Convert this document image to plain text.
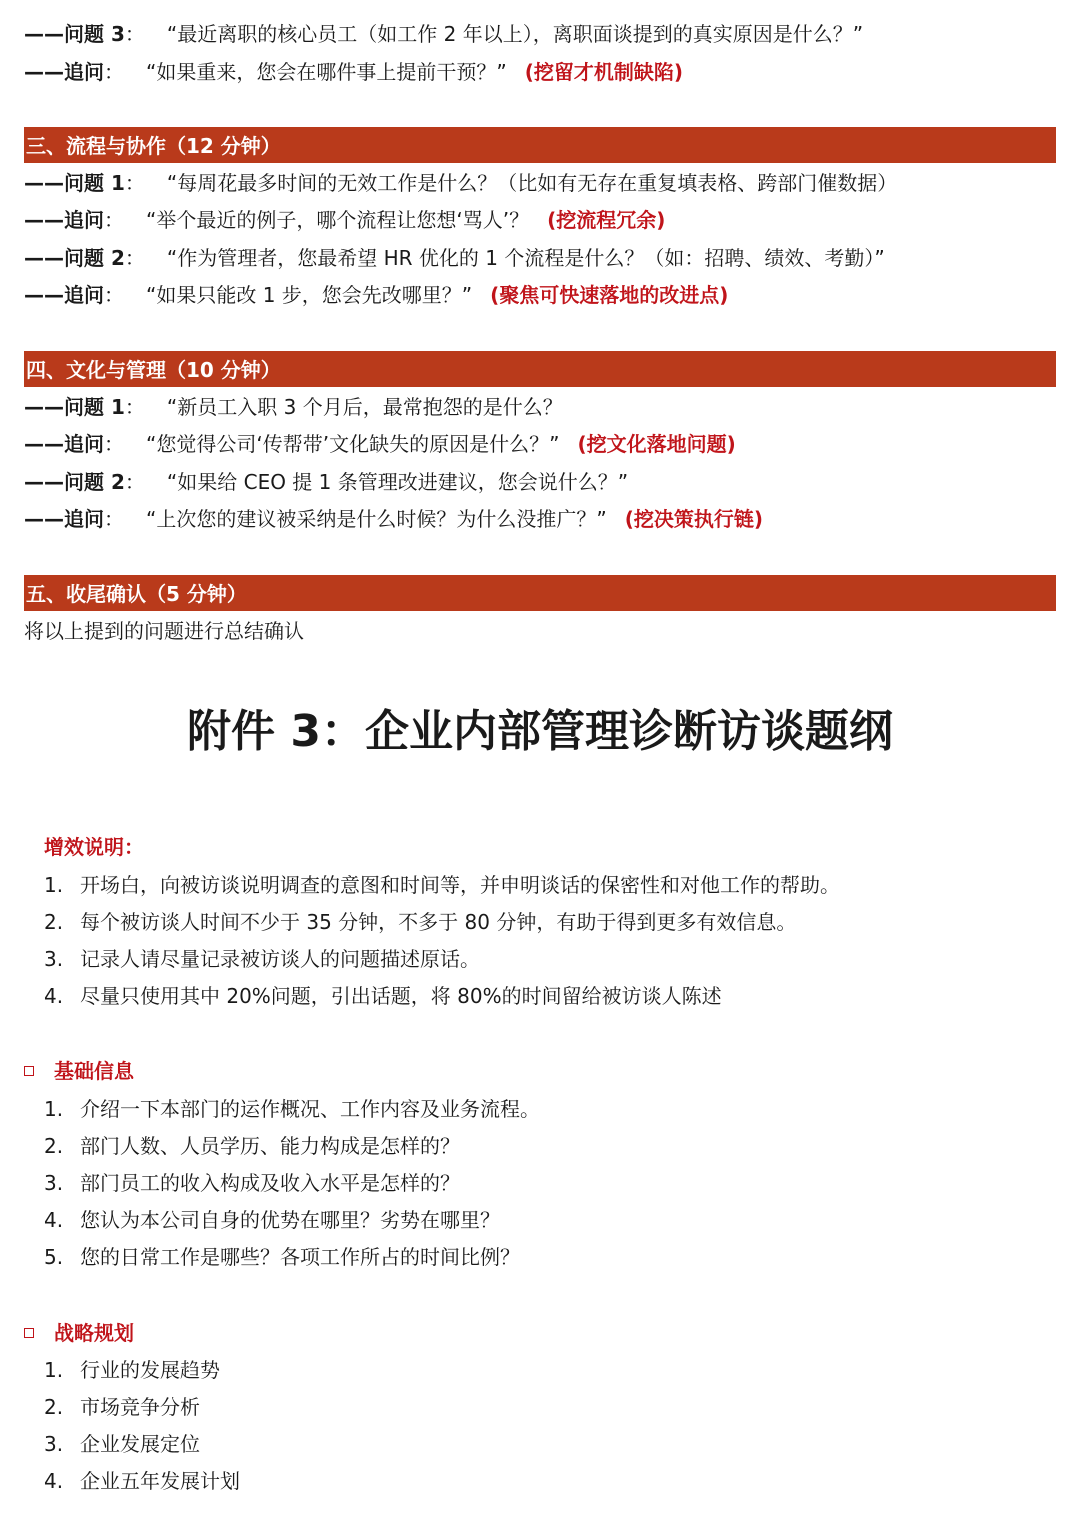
——问题 3： “最近离职的核心员工（如工作 2 年以上），离职面谈提到的真实原因是什么？”
——追问： “如果重来，您会在哪件事上提前干预？” (挖留才机制缺陷)
三、流程与协作（12 分钟）
——问题 1： “每周花最多时间的无效工作是什么？（比如有无存在重复填表格、跨部门催数据）
——追问： “举个最近的例子，哪个流程让您想‘骂人’？ (挖流程冗余)
——问题 2： “作为管理者，您最希望 HR 优化的 1 个流程是什么？（如：招聘、绩效、考勤）”
——追问： “如果只能改 1 步，您会先改哪里？” (聚焦可快速落地的改进点)
四、文化与管理（10 分钟）
——问题 1： “新员工入职 3 个月后，最常抱怨的是什么？
——追问： “您觉得公司‘传帮带’文化缺失的原因是什么？” (挖文化落地问题)
——问题 2： “如果给 CEO 提 1 条管理改进建议，您会说什么？”
——追问： “上次您的建议被采纳是什么时候？为什么没推广？” (挖决策执行链)
五、收尾确认（5 分钟）
将以上提到的问题进行总结确认
附件 3：企业内部管理诊断访谈题纲
增效说明：
1. 开场白，向被访谈说明调查的意图和时间等，并申明谈话的保密性和对他工作的帮助。
2. 每个被访谈人时间不少于 35 分钟，不多于 80 分钟，有助于得到更多有效信息。
3. 记录人请尽量记录被访谈人的问题描述原话。
4. 尽量只使用其中 20%问题，引出话题，将 80%的时间留给被访谈人陈述
基础信息
1. 介绍一下本部门的运作概况、工作内容及业务流程。
2. 部门人数、人员学历、能力构成是怎样的？
3. 部门员工的收入构成及收入水平是怎样的？
4. 您认为本公司自身的优势在哪里？劣势在哪里？
5. 您的日常工作是哪些？各项工作所占的时间比例？
战略规划
1. 行业的发展趋势
2. 市场竞争分析
3. 企业发展定位
4. 企业五年发展计划
